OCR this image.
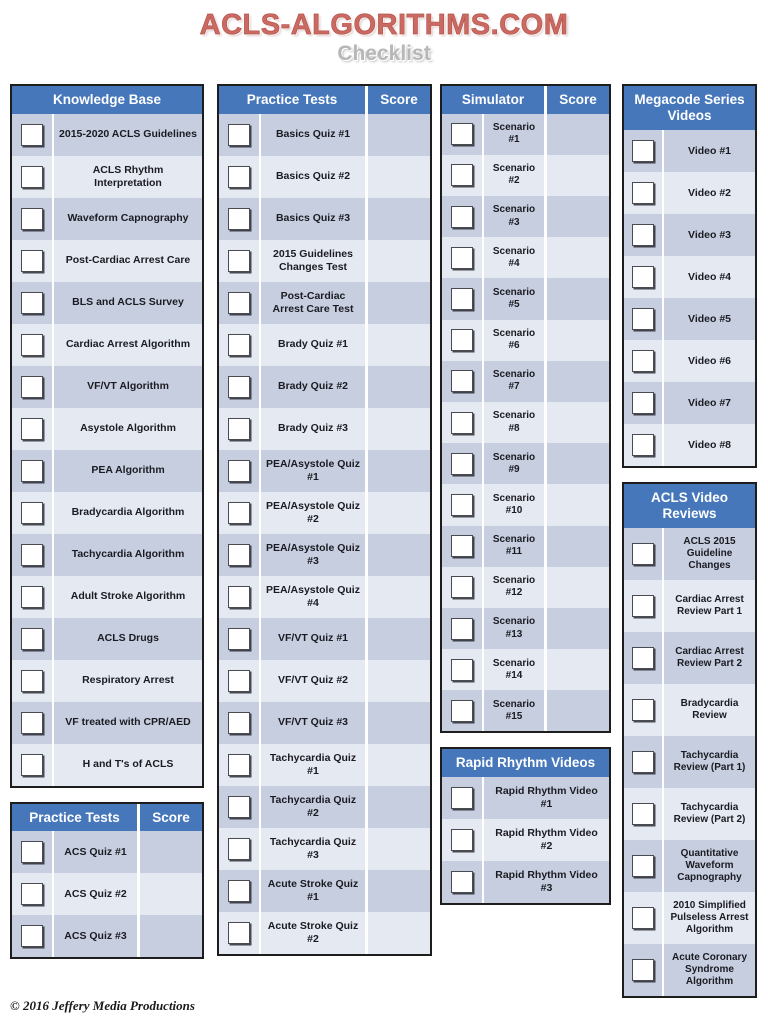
ACLS-ALGORITHMS.COM
Checklist
Knowledge Base
2015-2020 ACLS Guidelines
ACLS Rhythm Interpretation
Waveform Capnography
Post-Cardiac Arrest Care
BLS and ACLS Survey
Cardiac Arrest Algorithm
VF/VT Algorithm
Asystole Algorithm
PEA Algorithm
Bradycardia Algorithm
Tachycardia Algorithm
Adult Stroke Algorithm
ACLS Drugs
Respiratory Arrest
VF treated with CPR/AED
H and T's of ACLS
Practice Tests	Score
ACS Quiz #1
ACS Quiz #2
ACS Quiz #3
Practice Tests	Score
Basics Quiz #1
Basics Quiz #2
Basics Quiz #3
2015 Guidelines Changes Test
Post-Cardiac Arrest Care Test
Brady Quiz #1
Brady Quiz #2
Brady Quiz #3
PEA/Asystole Quiz #1
PEA/Asystole Quiz #2
PEA/Asystole Quiz #3
PEA/Asystole Quiz #4
VF/VT Quiz #1
VF/VT Quiz #2
VF/VT Quiz #3
Tachycardia Quiz #1
Tachycardia Quiz #2
Tachycardia Quiz #3
Acute Stroke Quiz #1
Acute Stroke Quiz #2
Simulator	Score
Scenario #1
Scenario #2
Scenario #3
Scenario #4
Scenario #5
Scenario #6
Scenario #7
Scenario #8
Scenario #9
Scenario #10
Scenario #11
Scenario #12
Scenario #13
Scenario #14
Scenario #15
Rapid Rhythm Videos
Rapid Rhythm Video #1
Rapid Rhythm Video #2
Rapid Rhythm Video #3
Megacode Series Videos
Video #1
Video #2
Video #3
Video #4
Video #5
Video #6
Video #7
Video #8
ACLS Video Reviews
ACLS 2015 Guideline Changes
Cardiac Arrest Review Part 1
Cardiac Arrest Review Part 2
Bradycardia Review
Tachycardia Review (Part 1)
Tachycardia Review (Part 2)
Quantitative Waveform Capnography
2010 Simplified Pulseless Arrest Algorithm
Acute Coronary Syndrome Algorithm
© 2016 Jeffery Media Productions
